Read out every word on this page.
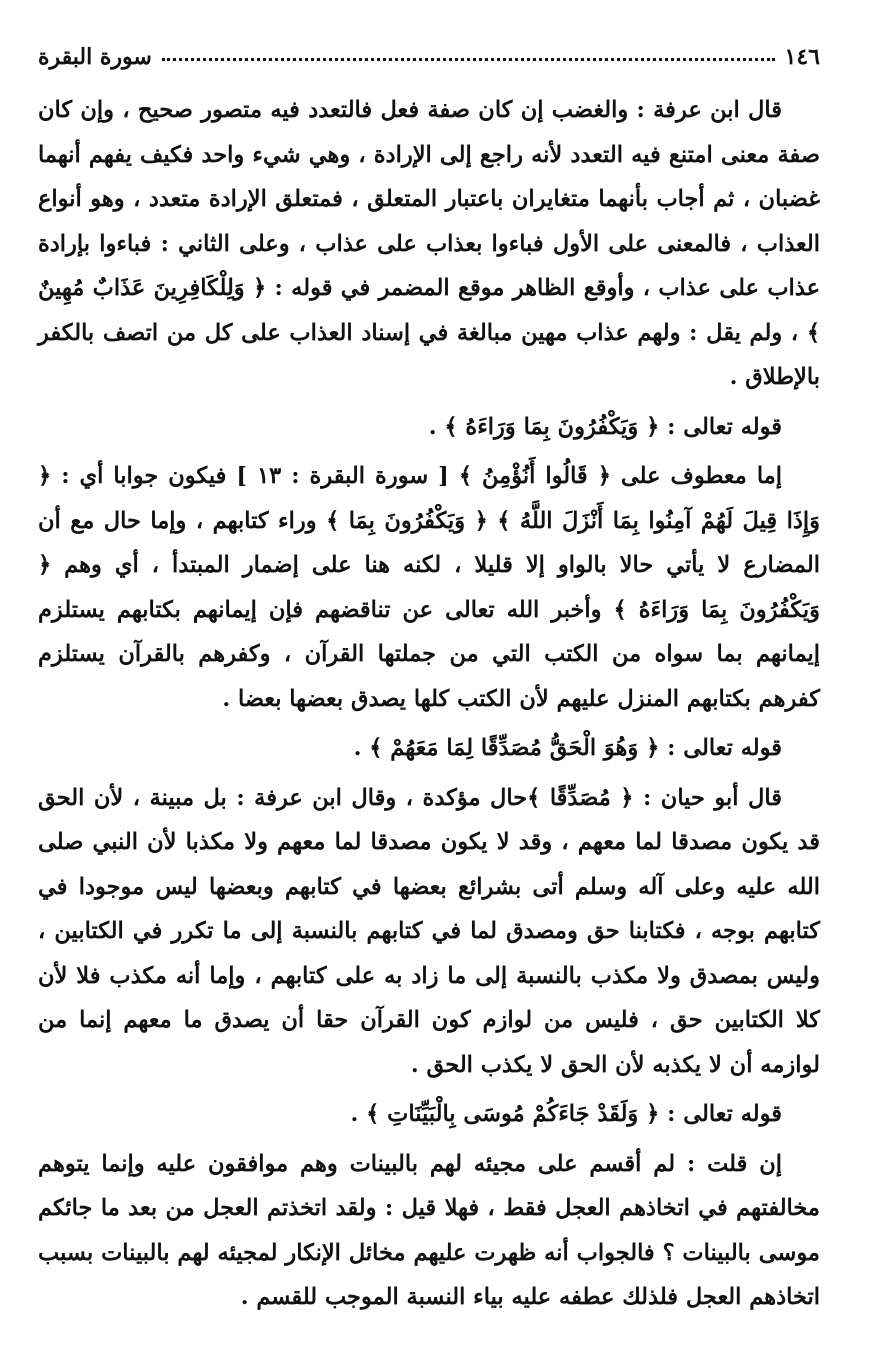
١٤٦
سورة البقرة

قال ابن عرفة : والغضب إن كان صفة فعل فالتعدد فيه متصور صحيح ، وإن كان صفة معنى امتنع فيه التعدد لأنه راجع إلى الإرادة ، وهي شيء واحد فكيف يفهم أنهما غضبان ، ثم أجاب بأنهما متغايران باعتبار المتعلق ، فمتعلق الإرادة متعدد ، وهو أنواع العذاب ، فالمعنى على الأول فباءوا بعذاب على عذاب ، وعلى الثاني : فباءوا بإرادة عذاب على عذاب ، وأوقع الظاهر موقع المضمر في قوله : ﴿ وَلِلْكَافِرِينَ عَذَابٌ مُهِينٌ ﴾ ، ولم يقل : ولهم عذاب مهين مبالغة في إسناد العذاب على كل من اتصف بالكفر بالإطلاق .

قوله تعالى : ﴿ وَيَكْفُرُونَ بِمَا وَرَاءَهُ ﴾ .

إما معطوف على ﴿ قَالُوا أَنُؤْمِنُ ﴾ [ سورة البقرة : ١٣ ] فيكون جوابا أي : ﴿ وَإِذَا قِيلَ لَهُمْ آمِنُوا بِمَا أَنْزَلَ اللَّهُ ﴾ ﴿ وَيَكْفُرُونَ بِمَا ﴾ وراء كتابهم ، وإما حال مع أن المضارع لا يأتي حالا بالواو إلا قليلا ، لكنه هنا على إضمار المبتدأ ، أي وهم ﴿ وَيَكْفُرُونَ بِمَا وَرَاءَهُ ﴾ وأخبر الله تعالى عن تناقضهم فإن إيمانهم بكتابهم يستلزم إيمانهم بما سواه من الكتب التي من جملتها القرآن ، وكفرهم بالقرآن يستلزم كفرهم بكتابهم المنزل عليهم لأن الكتب كلها يصدق بعضها بعضا .

قوله تعالى : ﴿ وَهُوَ الْحَقُّ مُصَدِّقًا لِمَا مَعَهُمْ ﴾ .

قال أبو حيان : ﴿ مُصَدِّقًا ﴾حال مؤكدة ، وقال ابن عرفة : بل مبينة ، لأن الحق قد يكون مصدقا لما معهم ، وقد لا يكون مصدقا لما معهم ولا مكذبا لأن النبي صلى الله عليه وعلى آله وسلم أتى بشرائع بعضها في كتابهم وبعضها ليس موجودا في كتابهم بوجه ، فكتابنا حق ومصدق لما في كتابهم بالنسبة إلى ما تكرر في الكتابين ، وليس بمصدق ولا مكذب بالنسبة إلى ما زاد به على كتابهم ، وإما أنه مكذب فلا لأن كلا الكتابين حق ، فليس من لوازم كون القرآن حقا أن يصدق ما معهم إنما من لوازمه أن لا يكذبه لأن الحق لا يكذب الحق .

قوله تعالى : ﴿ وَلَقَدْ جَاءَكُمْ مُوسَى بِالْبَيِّنَاتِ ﴾ .

إن قلت : لم أقسم على مجيئه لهم بالبينات وهم موافقون عليه وإنما يتوهم مخالفتهم في اتخاذهم العجل فقط ، فهلا قيل : ولقد اتخذتم العجل من بعد ما جائكم موسى بالبينات ؟ فالجواب أنه ظهرت عليهم مخائل الإنكار لمجيئه لهم بالبينات بسبب اتخاذهم العجل فلذلك عطفه عليه بياء النسبة الموجب للقسم .
